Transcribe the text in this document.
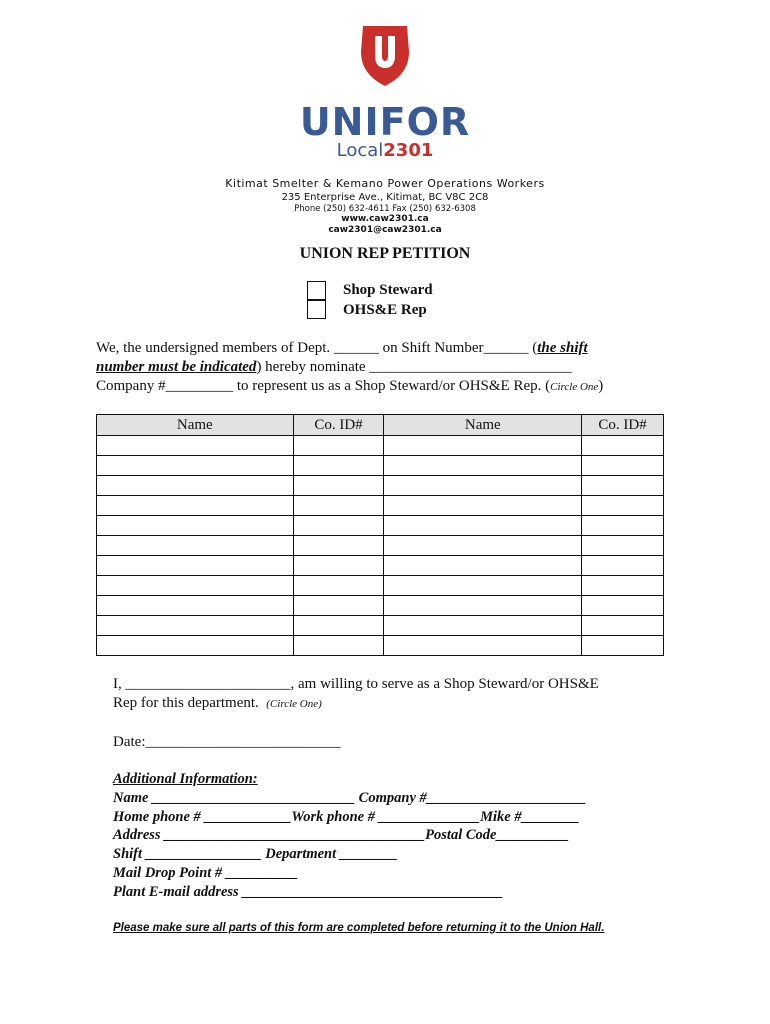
UNIFOR
Local2301
Kitimat Smelter & Kemano Power Operations Workers
235 Enterprise Ave., Kitimat, BC V8C 2C8
Phone (250) 632-4611 Fax (250) 632-6308
www.caw2301.ca
caw2301@caw2301.ca
UNION REP PETITION
Shop Steward
OHS&E Rep
We, the undersigned members of Dept. ______ on Shift Number______ (the shift
number must be indicated) hereby nominate ___________________________
Company #_________ to represent us as a Shop Steward/or OHS&E Rep. (Circle One)
Name	Co. ID#	Name	Co. ID#

I, ______________________, am willing to serve as a Shop Steward/or OHS&E
Rep for this department. (Circle One)
Date:__________________________
Additional Information:
Name ____________________________ Company #______________________
Home phone # ____________Work phone # ______________Mike #________
Address ____________________________________Postal Code__________
Shift ________________ Department ________
Mail Drop Point # __________
Plant E-mail address ____________________________________
Please make sure all parts of this form are completed before returning it to the Union Hall.
